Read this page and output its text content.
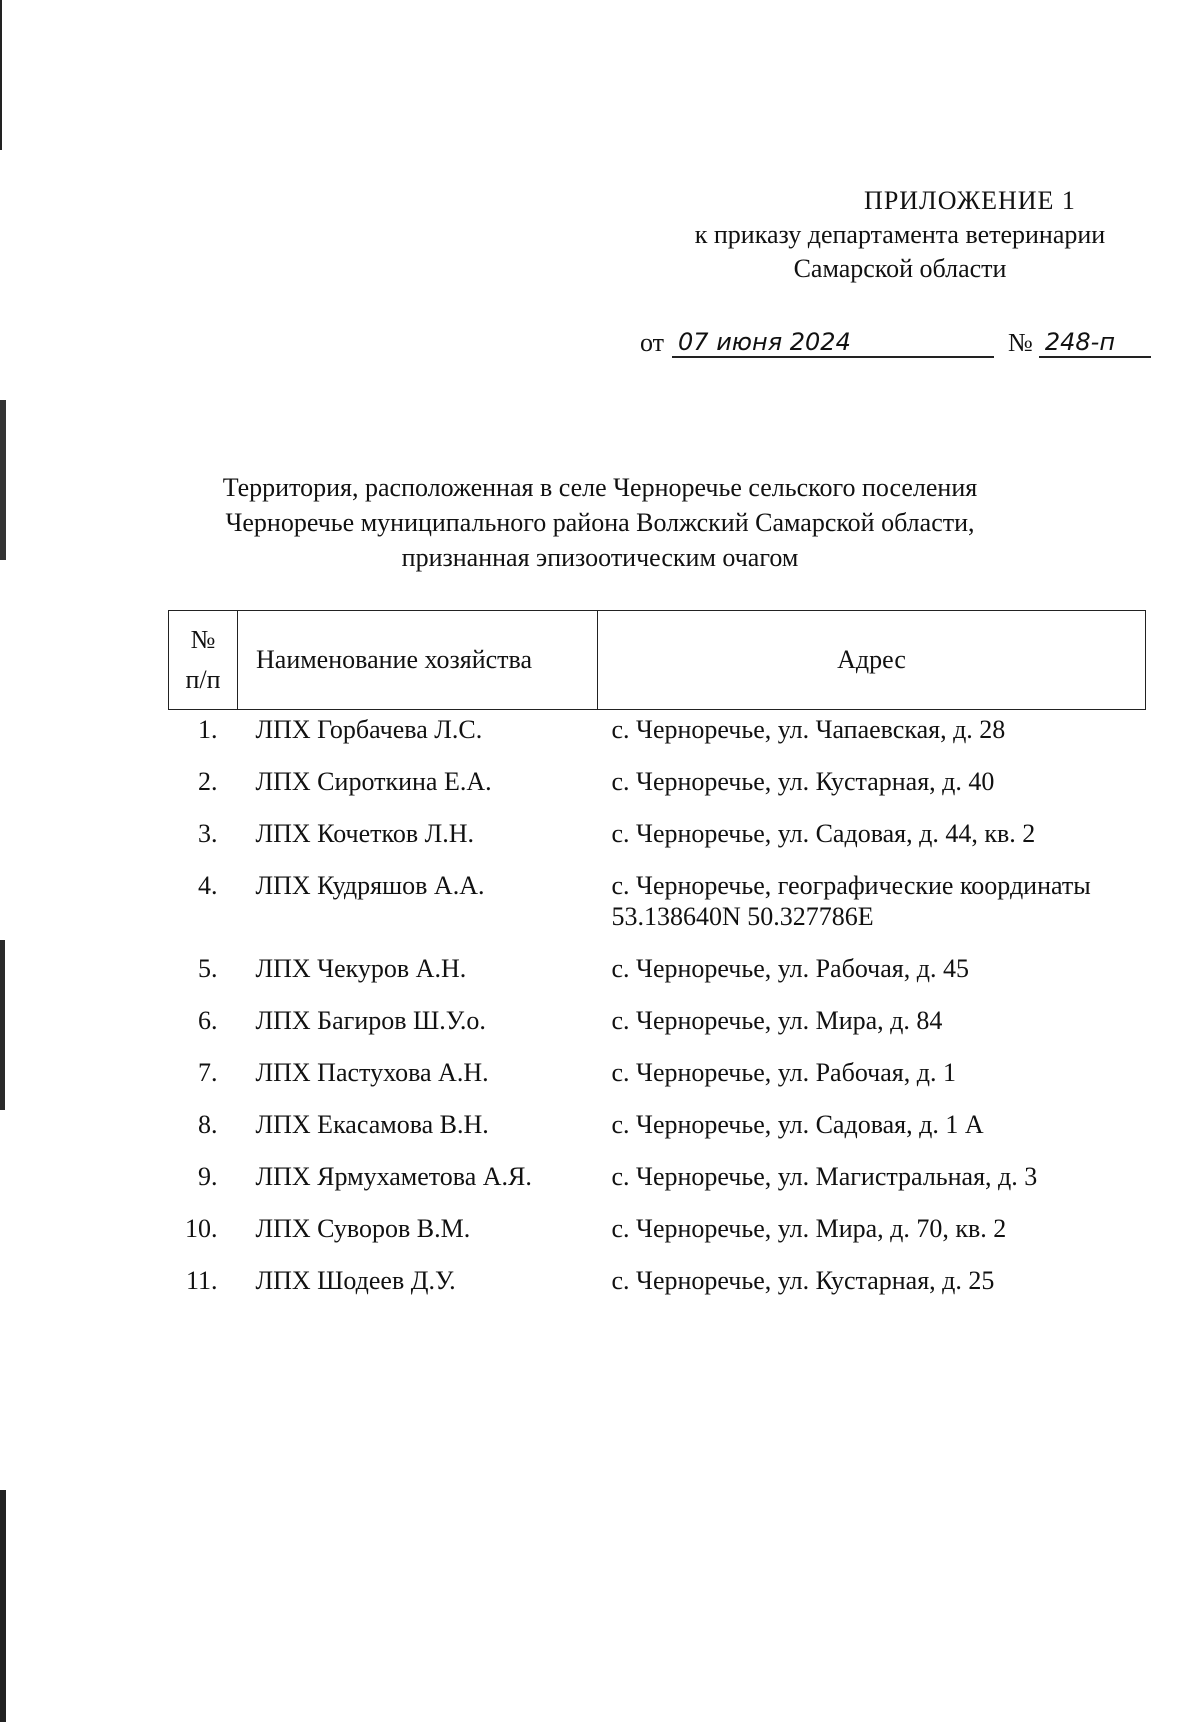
ПРИЛОЖЕНИЕ 1
к приказу департамента ветеринарии
Самарской области
от 07 июня 2024	№ 248-п
Территория, расположенная в селе Черноречье сельского поселения
Черноречье муниципального района Волжский Самарской области,
признанная эпизоотическим очагом
№
п/п	Наименование хозяйства	Адрес
1.	ЛПХ Горбачева Л.С.	с. Черноречье, ул. Чапаевская, д. 28
2.	ЛПХ Сироткина Е.А.	с. Черноречье, ул. Кустарная, д. 40
3.	ЛПХ Кочетков Л.Н.	с. Черноречье, ул. Садовая, д. 44, кв. 2
4.	ЛПХ Кудряшов А.А.	с. Черноречье, географические координаты 53.138640N 50.327786E
5.	ЛПХ Чекуров А.Н.	с. Черноречье, ул. Рабочая, д. 45
6.	ЛПХ Багиров Ш.У.о.	с. Черноречье, ул. Мира, д. 84
7.	ЛПХ Пастухова А.Н.	с. Черноречье, ул. Рабочая, д. 1
8.	ЛПХ Екасамова В.Н.	с. Черноречье, ул. Садовая, д. 1 А
9.	ЛПХ Ярмухаметова А.Я.	с. Черноречье, ул. Магистральная, д. 3
10.	ЛПХ Суворов В.М.	с. Черноречье, ул. Мира, д. 70, кв. 2
11.	ЛПХ Шодеев Д.У.	с. Черноречье, ул. Кустарная, д. 25
